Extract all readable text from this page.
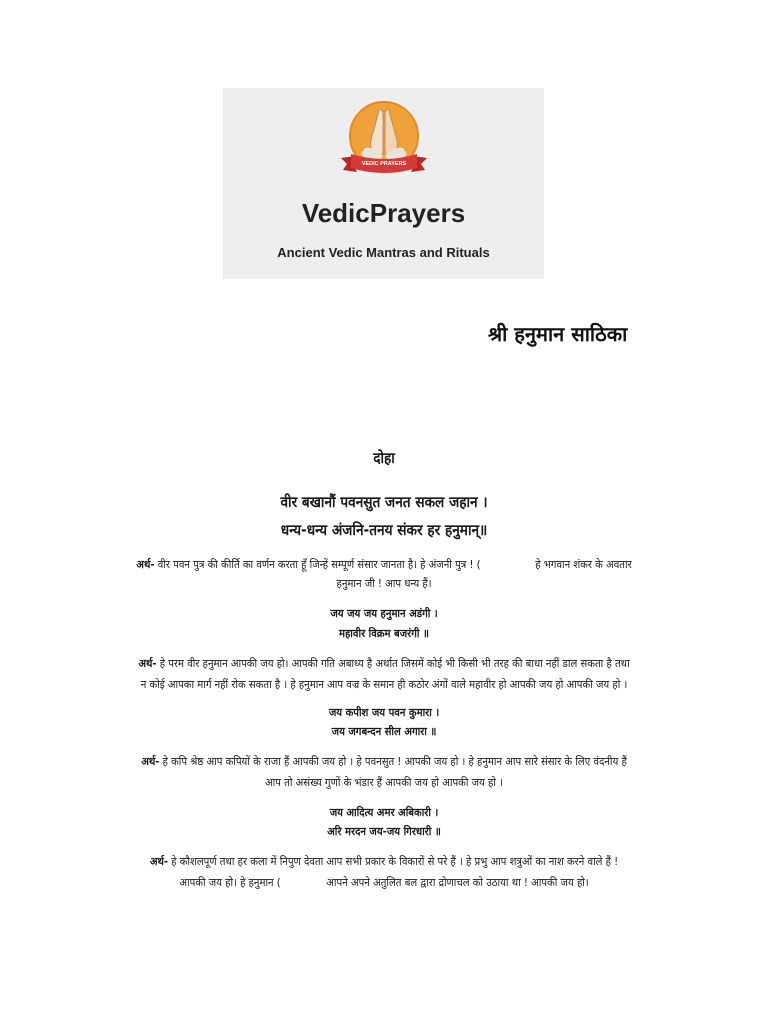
VEDIC PRAYERS
VedicPrayers
Ancient Vedic Mantras and Rituals
श्री हनुमान साठिका
दोहा
वीर बखानौं पवनसुत जनत सकल जहान ।
धन्य-धन्य अंजनि-तनय संकर हर हनुमान्॥
अर्थ- वीर पवन पुत्र की कीर्ति का वर्णन करता हूँ जिन्हें सम्पूर्ण संसार जानता है। हे अंजनी पुत्र ! (	हे भगवान शंकर के अवतार
हनुमान जी ! आप धन्य हैं।
जय जय जय हनुमान अडंगी ।
महावीर विक्रम बजरंगी ॥
अर्थ- हे परम वीर हनुमान आपकी जय हो। आपकी गति अबाध्य है अर्थात जिसमें कोई भी किसी भी तरह की बाधा नहीं डाल सकता है तथा
न कोई आपका मार्ग नहीं रोक सकता है । हे हनुमान आप वज्र के समान ही कठोर अंगों वाले महावीर हो आपकी जय हो आपकी जय हो ।
जय कपीश जय पवन कुमारा ।
जय जगबन्दन सील अगारा ॥
अर्थ- हे कपि श्रेष्ठ आप कपियों के राजा हैं आपकी जय हो । हे पवनसुत ! आपकी जय हो । हे हनुमान आप सारे संसार के लिए वंदनीय हैं
आप तो असंख्य गुणों के भंडार हैं आपकी जय हो आपकी जय हो ।
जय आदित्य अमर अबिकारी ।
अरि मरदन जय-जय गिरधारी ॥
अर्थ- हे कौशलपूर्ण तथा हर कला में निपुण देवता आप सभी प्रकार के विकारों से परे हैं । हे प्रभु आप शत्रुओं का नाश करने वाले हैं !
आपकी जय हो। हे हनुमान (	आपने अपने अतुलित बल द्वारा द्रोणाचल को उठाया था ! आपकी जय हो।
